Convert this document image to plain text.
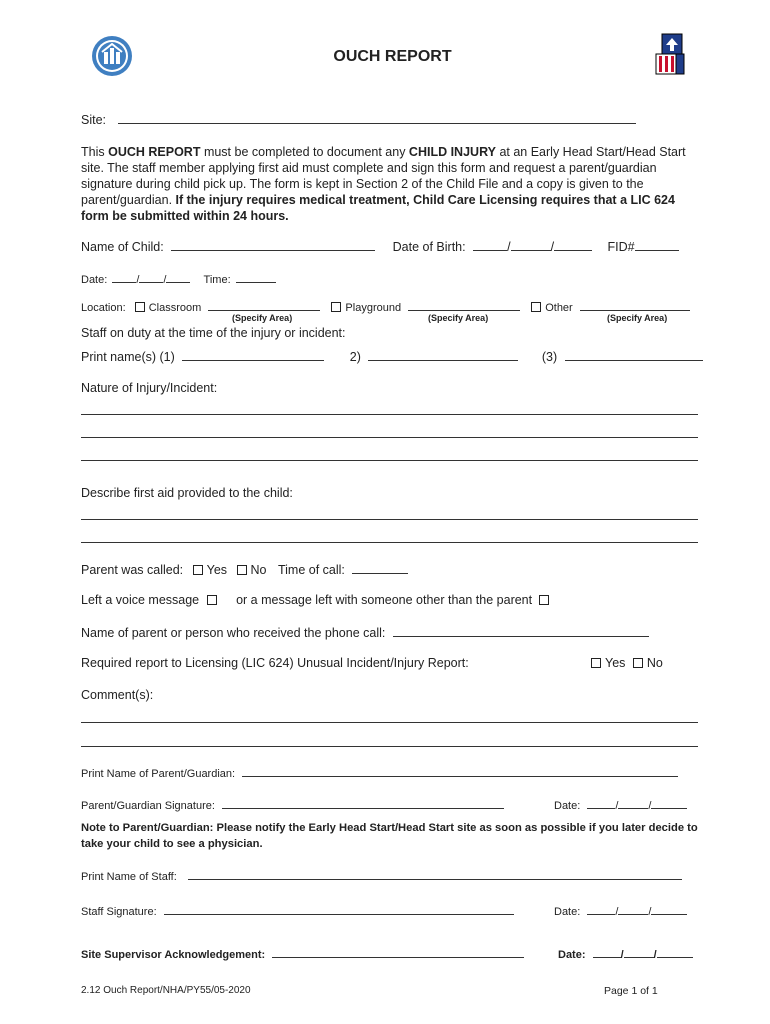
OUCH REPORT
Site:
This OUCH REPORT must be completed to document any CHILD INJURY at an Early Head Start/Head Start site. The staff member applying first aid must complete and sign this form and request a parent/guardian signature during child pick up. The form is kept in Section 2 of the Child File and a copy is given to the parent/guardian. If the injury requires medical treatment, Child Care Licensing requires that a LIC 624 form be submitted within 24 hours.
Name of Child:	Date of Birth:	/	/	FID#
Date:	/ /	Time:
Location: Classroom	Playground	Other
(Specify Area)	(Specify Area)	(Specify Area)
Staff on duty at the time of the injury or incident:
Print name(s) (1)	2)	(3)
Nature of Injury/Incident:
Describe first aid provided to the child:
Parent was called: Yes No Time of call:
Left a voice message	or a message left with someone other than the parent
Name of parent or person who received the phone call:
Required report to Licensing (LIC 624) Unusual Incident/Injury Report:	Yes No
Comment(s):
Print Name of Parent/Guardian:
Parent/Guardian Signature:	Date:	/	/
Note to Parent/Guardian: Please notify the Early Head Start/Head Start site as soon as possible if you later decide to take your child to see a physician.
Print Name of Staff:
Staff Signature:	Date:	/	/
Site Supervisor Acknowledgement:	Date:	/	/
2.12 Ouch Report/NHA/PY55/05-2020	Page 1 of 1
